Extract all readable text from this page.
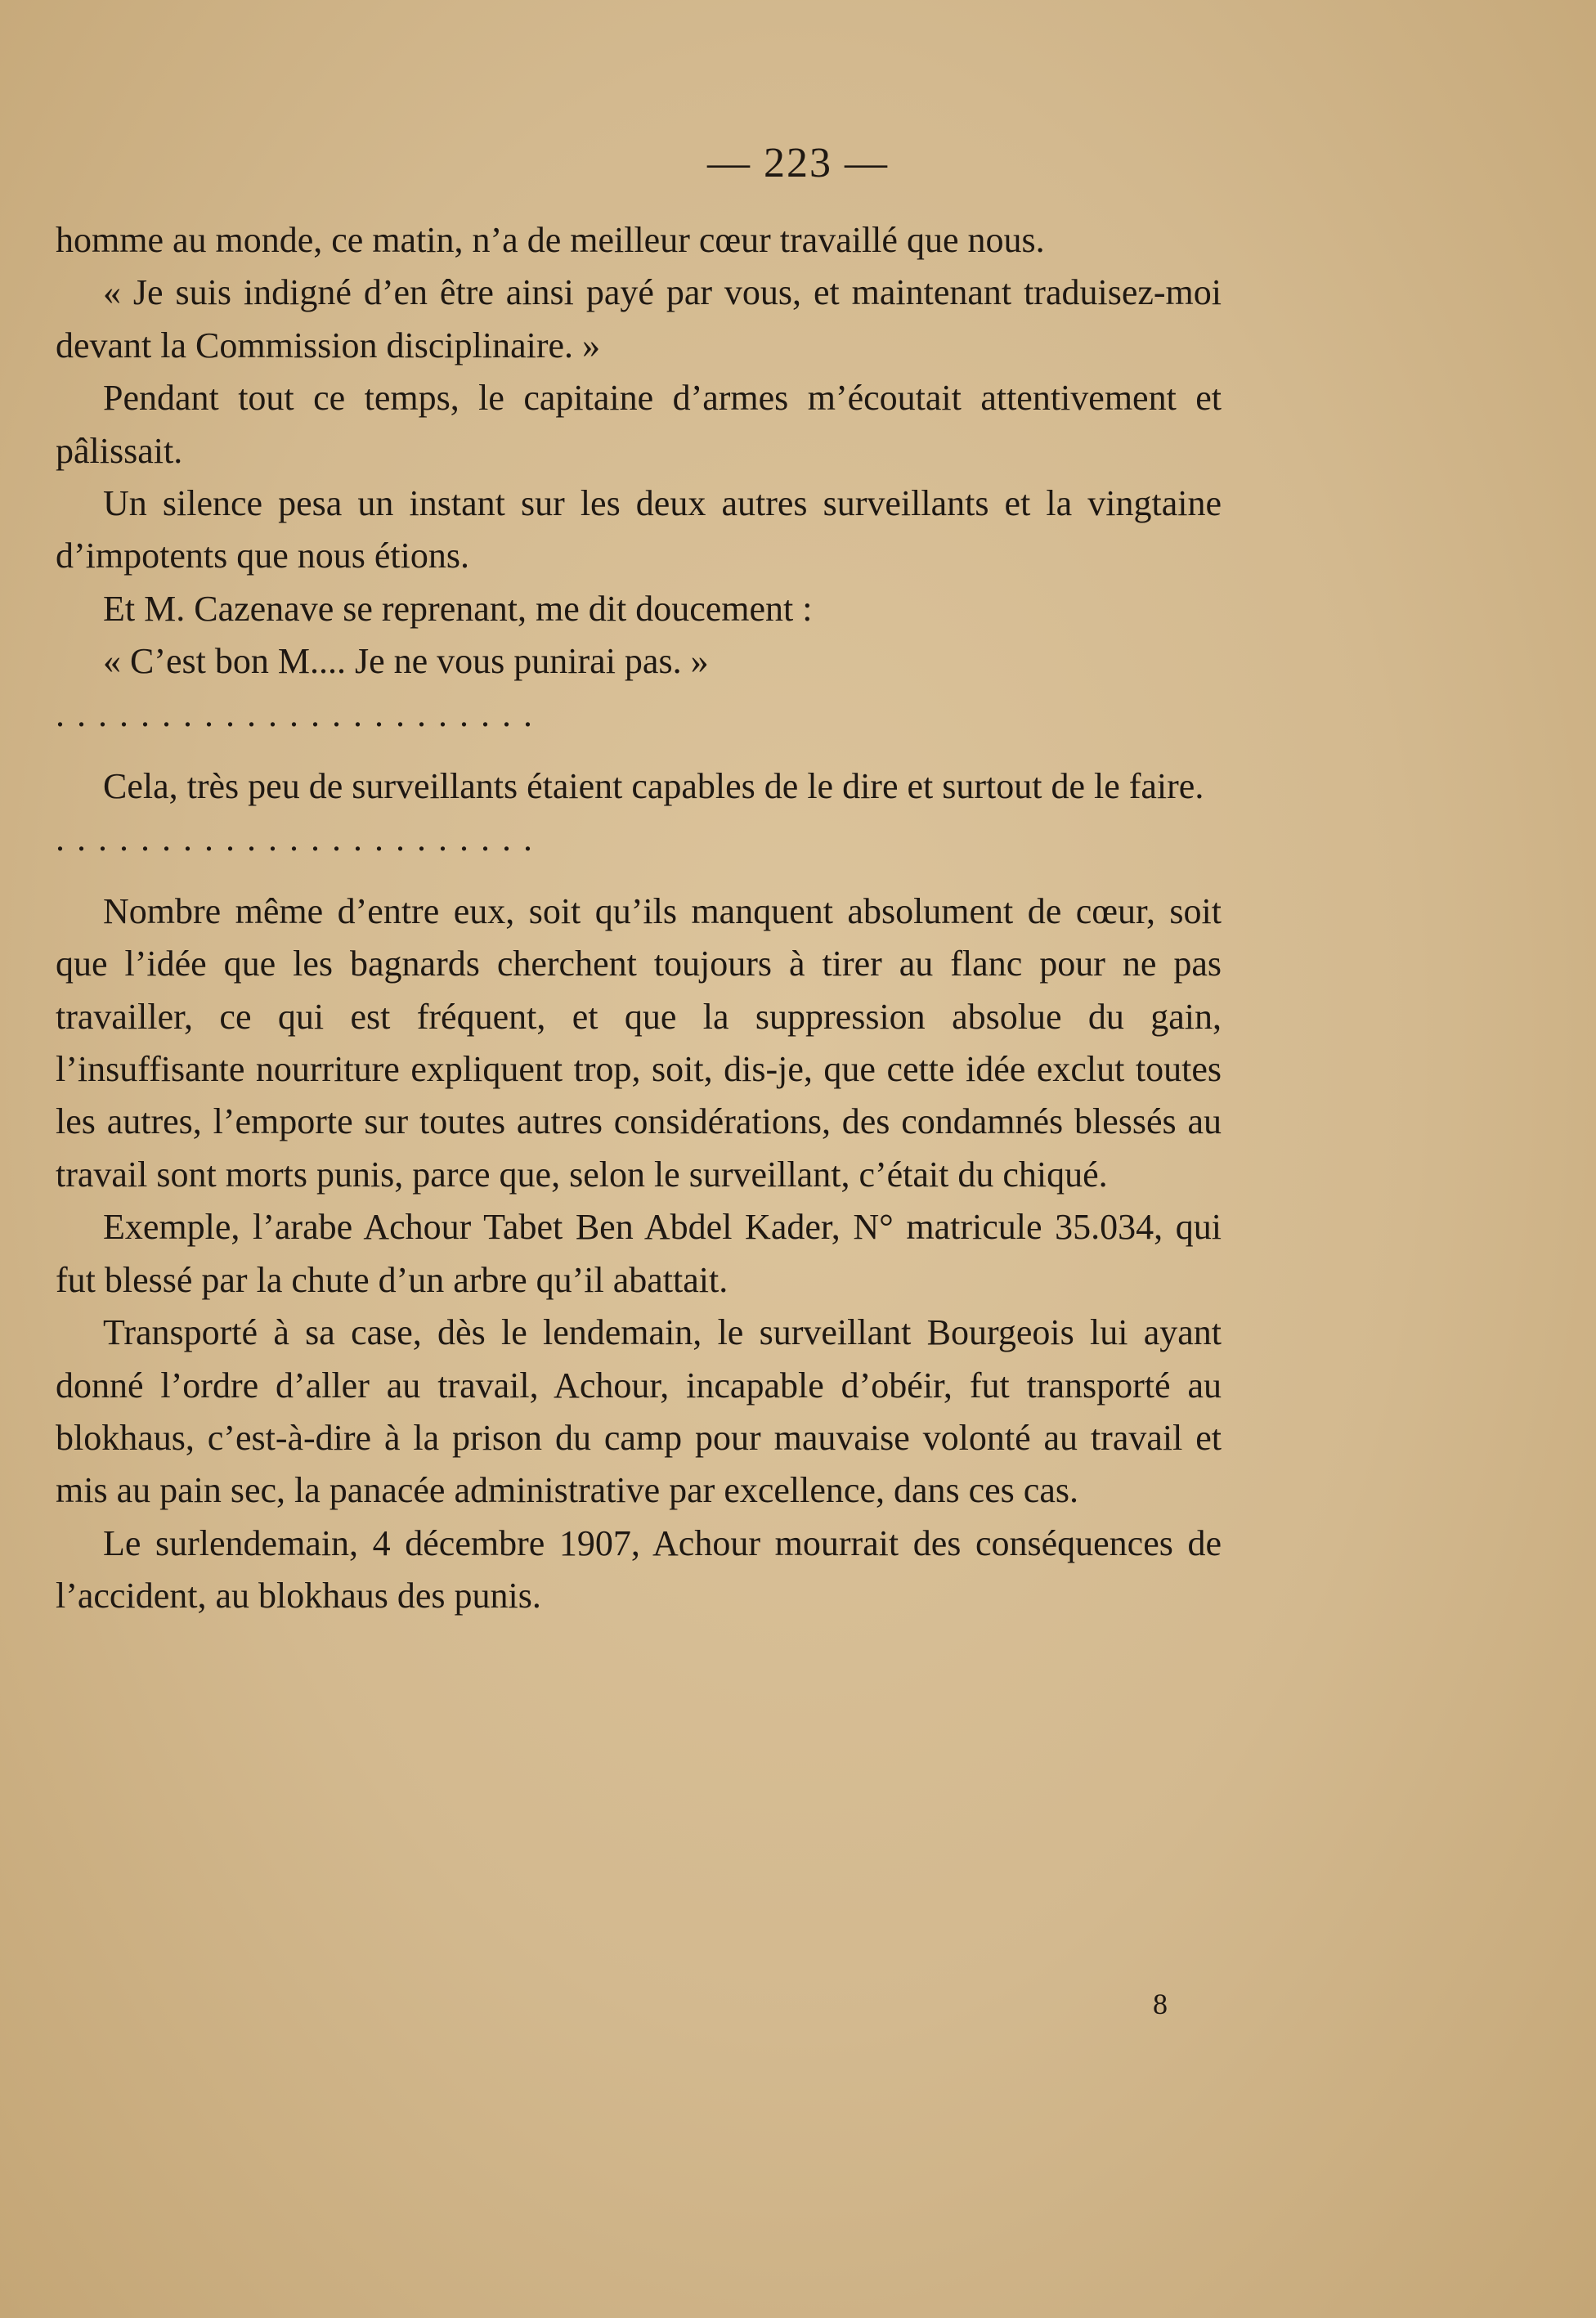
— 223 —

homme au monde, ce matin, n’a de meilleur cœur travaillé que nous.

« Je suis indigné d’en être ainsi payé par vous, et maintenant traduisez-moi devant la Commission disciplinaire. »

Pendant tout ce temps, le capitaine d’armes m’écoutait attentivement et pâlissait.

Un silence pesa un instant sur les deux autres surveillants et la vingtaine d’impotents que nous étions.

Et M. Cazenave se reprenant, me dit doucement :

« C’est bon M.... Je ne vous punirai pas. »

. . . . . . . . . . . . . . . . . . . . . . .

Cela, très peu de surveillants étaient capables de le dire et surtout de le faire.

. . . . . . . . . . . . . . . . . . . . . . .

Nombre même d’entre eux, soit qu’ils manquent absolument de cœur, soit que l’idée que les bagnards cherchent toujours à tirer au flanc pour ne pas travailler, ce qui est fréquent, et que la suppression absolue du gain, l’insuffisante nourriture expliquent trop, soit, dis-je, que cette idée exclut toutes les autres, l’emporte sur toutes autres considérations, des condamnés blessés au travail sont morts punis, parce que, selon le surveillant, c’était du chiqué.

Exemple, l’arabe Achour Tabet Ben Abdel Kader, N° matricule 35.034, qui fut blessé par la chute d’un arbre qu’il abattait.

Transporté à sa case, dès le lendemain, le surveillant Bourgeois lui ayant donné l’ordre d’aller au travail, Achour, incapable d’obéir, fut transporté au blokhaus, c’est-à-dire à la prison du camp pour mauvaise volonté au travail et mis au pain sec, la panacée administrative par excellence, dans ces cas.

Le surlendemain, 4 décembre 1907, Achour mourrait des conséquences de l’accident, au blokhaus des punis.

8
